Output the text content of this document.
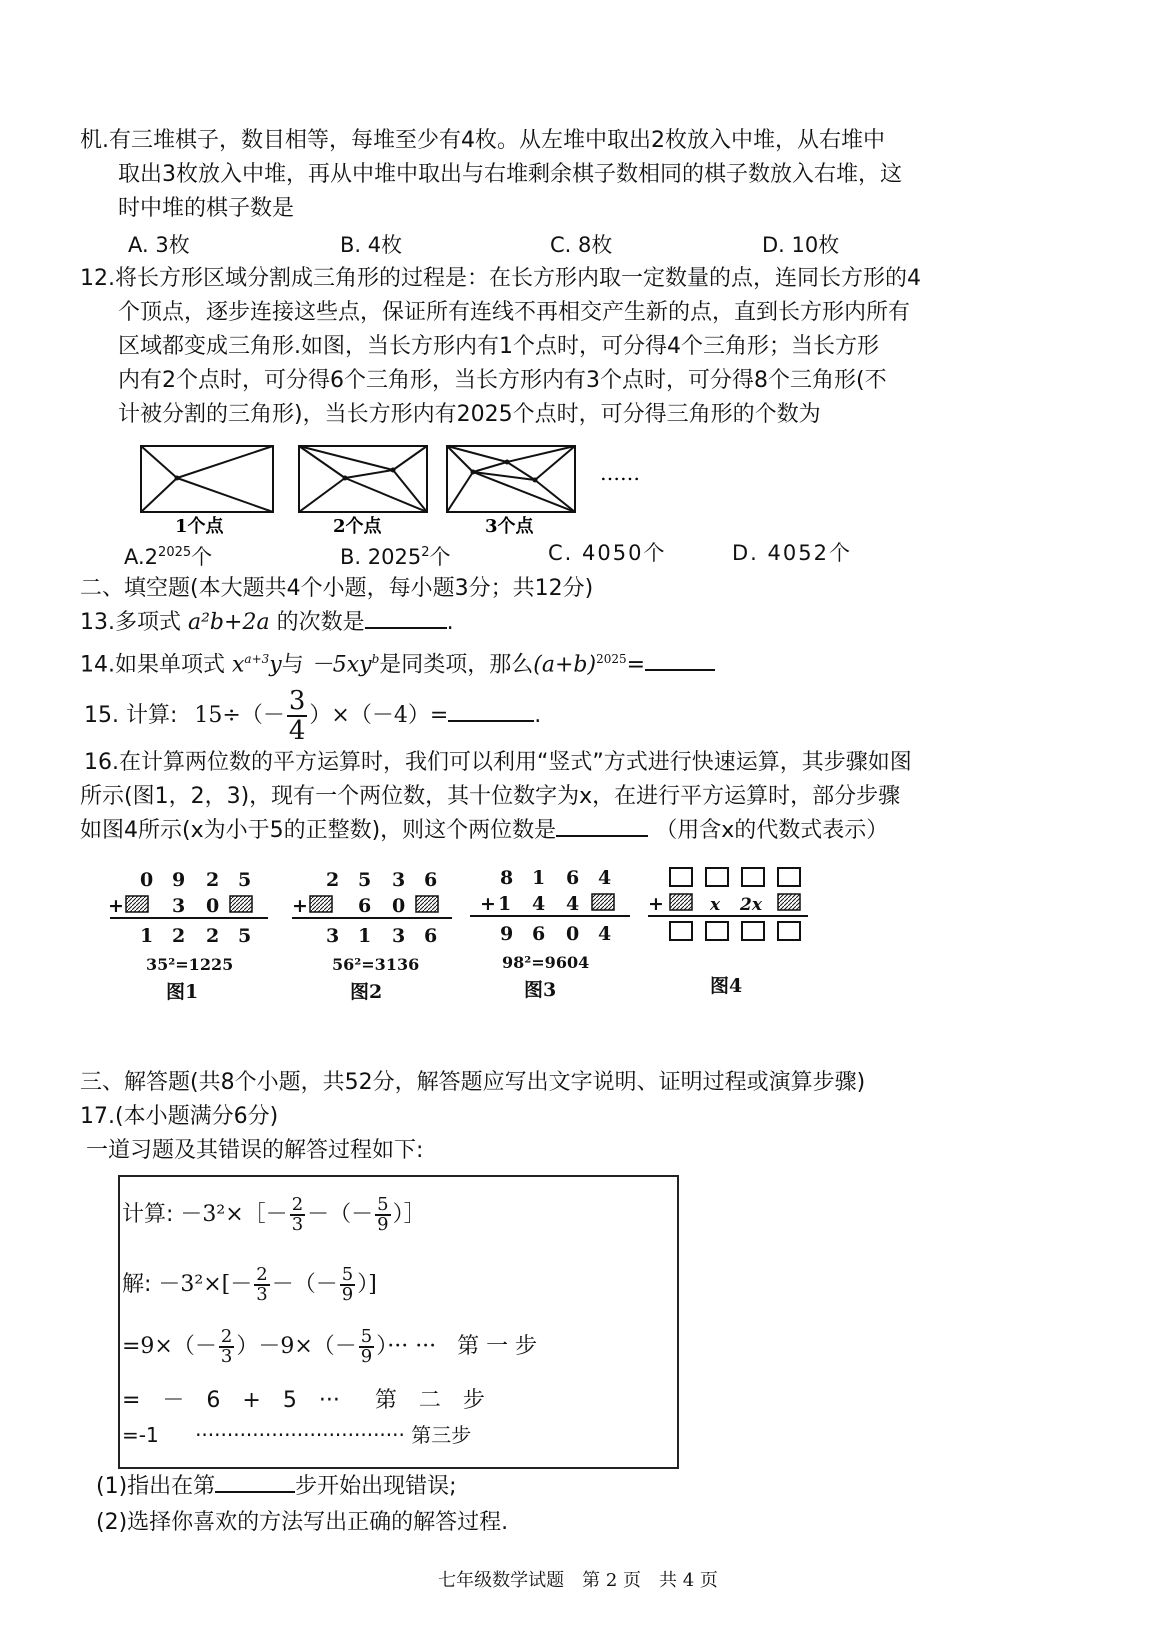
机.有三堆棋子，数目相等，每堆至少有4枚。从左堆中取出2枚放入中堆，从右堆中
取出3枚放入中堆，再从中堆中取出与右堆剩余棋子数相同的棋子数放入右堆，这
时中堆的棋子数是
A. 3枚	B. 4枚	C. 8枚	D. 10枚
12.将长方形区域分割成三角形的过程是：在长方形内取一定数量的点，连同长方形的4
个顶点，逐步连接这些点，保证所有连线不再相交产生新的点，直到长方形内所有
区域都变成三角形.如图，当长方形内有1个点时，可分得4个三角形；当长方形
内有2个点时，可分得6个三角形，当长方形内有3个点时，可分得8个三角形(不
计被分割的三角形)，当长方形内有2025个点时，可分得三角形的个数为
……
1个点	2个点	3个点
$A.2^{2025}$个	B. 2025$^2$个	C. 4050个	D. 4052个
二、填空题(本大题共4个小题，每小题3分；共12分)
13.多项式 a²b+2a 的次数是	.
14.如果单项式 $x^{a+3}y$与 $-5xy^b$是同类项，那么$(a+b)^{2025}=$
15. 计算: $15\div(- \frac{3}{4} )\times(-4)=$	.
16.在计算两位数的平方运算时，我们可以利用“竖式”方式进行快速运算，其步骤如图
所示(图1，2，3)，现有一个两位数，其十位数字为x，在进行平方运算时，部分步骤
如图4所示(x为小于5的正整数)，则这个两位数是	（用含x的代数式表示）
0 9 2 5
+	3 0
1 2 2 5
35²=1225
图1
2 5 3 6
+	6 0
3 1 3 6
56²=3136
图2
8 1 6 4
+ 1 4 4
9 6 0 4
98²=9604
图3
+	x 2x
图4
三、解答题(共8个小题，共52分，解答题应写出文字说明、证明过程或演算步骤)
17.(本小题满分6分)
一道习题及其错误的解答过程如下:
计算: －3²×［－ $\frac{2}{3}$ －（－ $\frac{5}{9}$ ）］
解: $-3^2\times[- \frac{2}{3}$ －（－ $\frac{5}{9}$ ）]
$=9\times(- \frac{2}{3} )-9\times(- \frac{5}{9}$ ）··· ··· 第 一 步
=　－　6　+　5　··· 第　二　步
=-1 ································· 第三步
(1)指出在第	步开始出现错误;
(2)选择你喜欢的方法写出正确的解答过程.
七年级数学试题　第 2 页　共 4 页
